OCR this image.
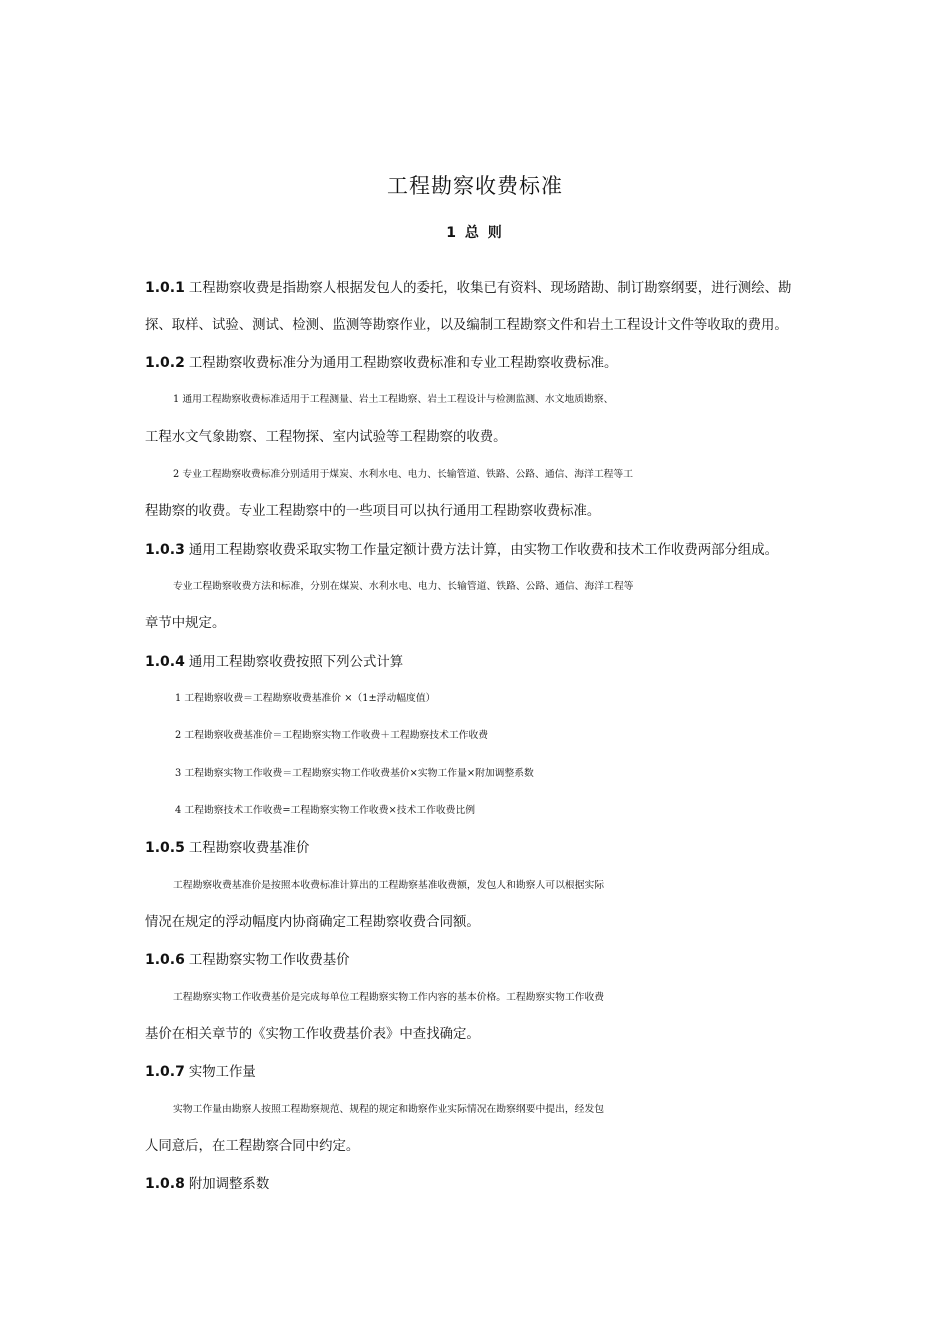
工程勘察收费标准
1 总 则
1.0.1 工程勘察收费是指勘察人根据发包人的委托，收集已有资料、现场踏勘、制订勘察纲要，进行测绘、勘
探、取样、试验、测试、检测、监测等勘察作业，以及编制工程勘察文件和岩土工程设计文件等收取的费用。
1.0.2 工程勘察收费标准分为通用工程勘察收费标准和专业工程勘察收费标准。
1 通用工程勘察收费标准适用于工程测量、岩土工程勘察、岩土工程设计与检测监测、水文地质勘察、
工程水文气象勘察、工程物探、室内试验等工程勘察的收费。
2 专业工程勘察收费标准分别适用于煤炭、水利水电、电力、长输管道、铁路、公路、通信、海洋工程等工
程勘察的收费。专业工程勘察中的一些项目可以执行通用工程勘察收费标准。
1.0.3 通用工程勘察收费采取实物工作量定额计费方法计算，由实物工作收费和技术工作收费两部分组成。
专业工程勘察收费方法和标准，分别在煤炭、水利水电、电力、长输管道、铁路、公路、通信、海洋工程等
章节中规定。
1.0.4 通用工程勘察收费按照下列公式计算
1 工程勘察收费＝工程勘察收费基准价 ×（1±浮动幅度值）
2 工程勘察收费基准价＝工程勘察实物工作收费＋工程勘察技术工作收费
3 工程勘察实物工作收费＝工程勘察实物工作收费基价×实物工作量×附加调整系数
4 工程勘察技术工作收费=工程勘察实物工作收费×技术工作收费比例
1.0.5 工程勘察收费基准价
工程勘察收费基准价是按照本收费标准计算出的工程勘察基准收费额，发包人和勘察人可以根据实际
情况在规定的浮动幅度内协商确定工程勘察收费合同额。
1.0.6 工程勘察实物工作收费基价
工程勘察实物工作收费基价是完成每单位工程勘察实物工作内容的基本价格。工程勘察实物工作收费
基价在相关章节的《实物工作收费基价表》中查找确定。
1.0.7 实物工作量
实物工作量由勘察人按照工程勘察规范、规程的规定和勘察作业实际情况在勘察纲要中提出，经发包
人同意后，在工程勘察合同中约定。
1.0.8 附加调整系数
